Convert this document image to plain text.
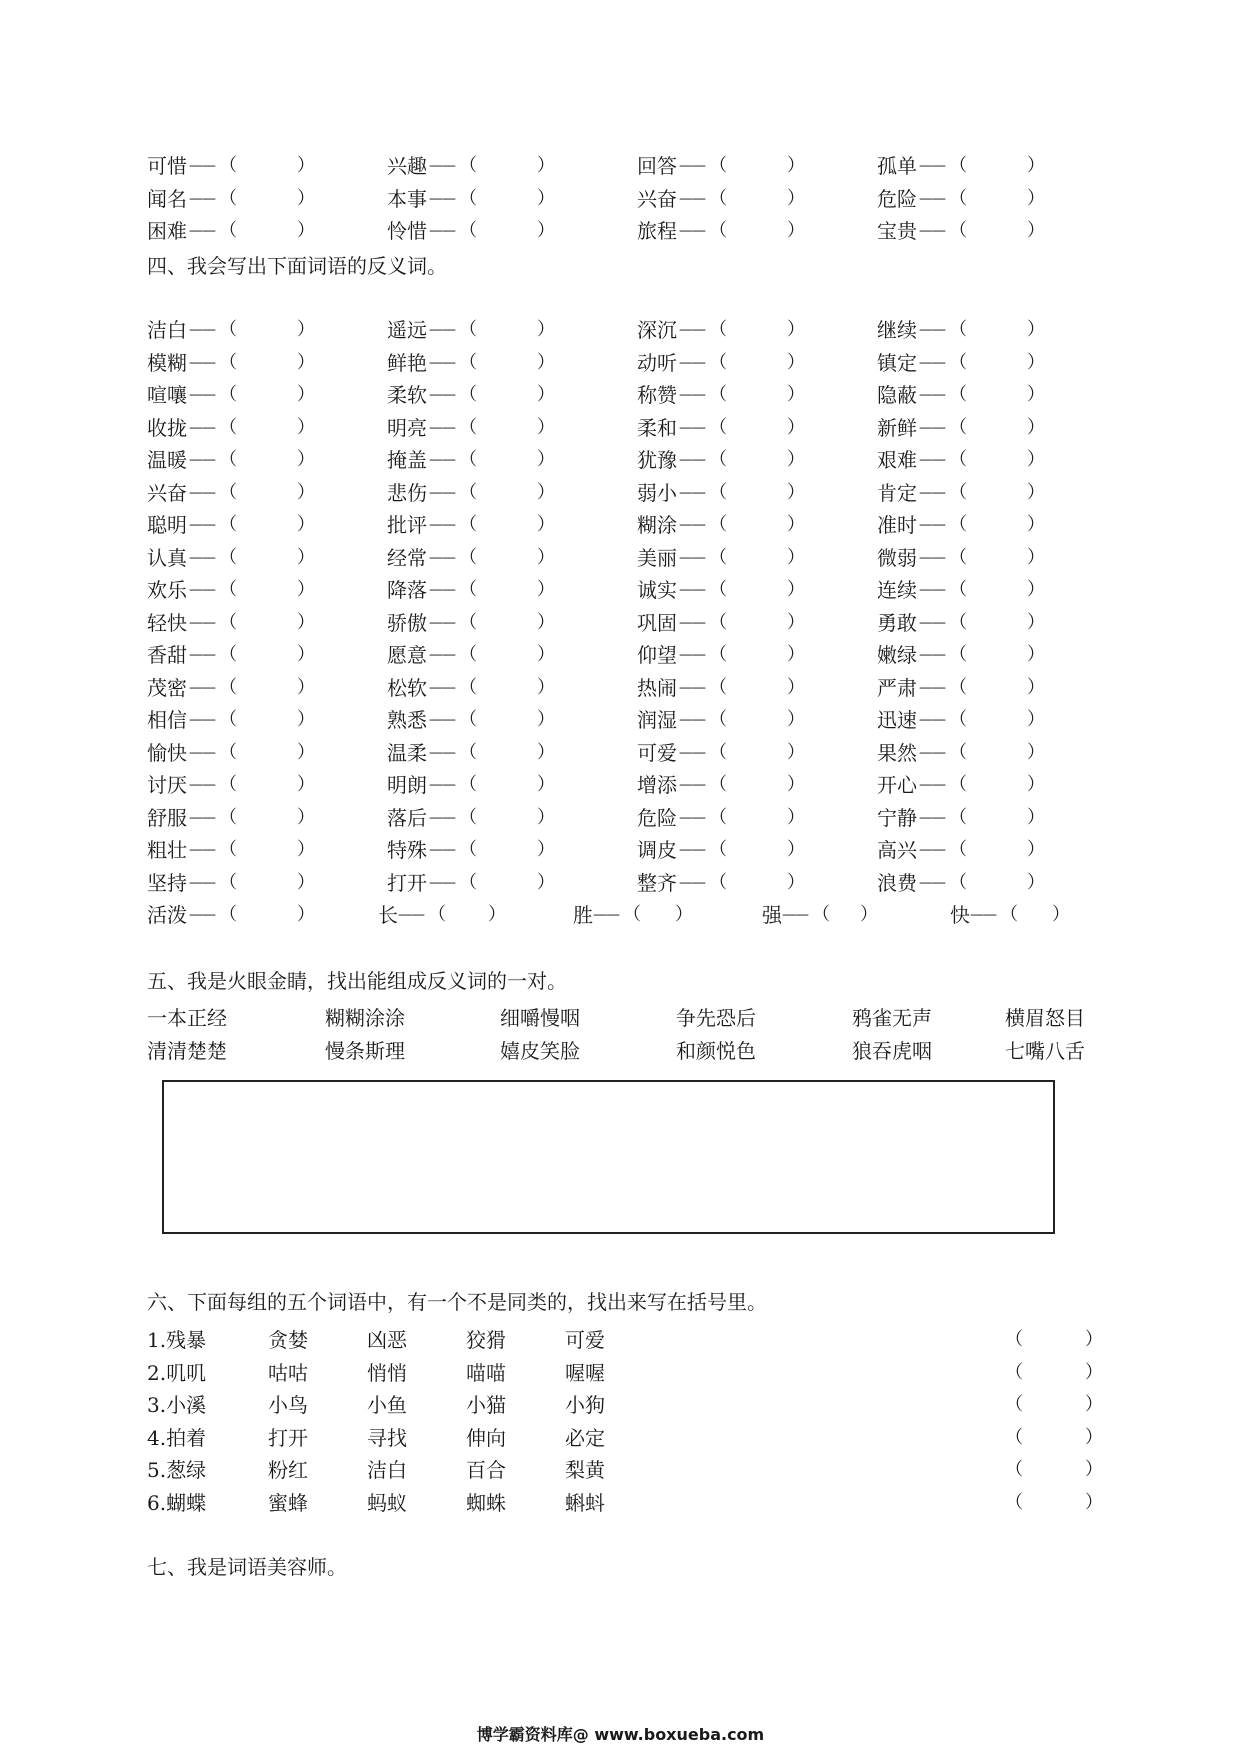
可惜 —— （	）	兴趣 —— （	）	回答 —— （	）	孤单 —— （	）
闻名 —— （	）	本事 —— （	）	兴奋 —— （	）	危险 —— （	）
困难 —— （	）	怜惜 —— （	）	旅程 —— （	）	宝贵 —— （	）
四、我会写出下面词语的反义词。
洁白 —— （	）	遥远 —— （	）	深沉 —— （	）	继续 —— （	）
模糊 —— （	）	鲜艳 —— （	）	动听 —— （	）	镇定 —— （	）
喧嚷 —— （	）	柔软 —— （	）	称赞 —— （	）	隐蔽 —— （	）
收拢 —— （	）	明亮 —— （	）	柔和 —— （	）	新鲜 —— （	）
温暖 —— （	）	掩盖 —— （	）	犹豫 —— （	）	艰难 —— （	）
兴奋 —— （	）	悲伤 —— （	）	弱小 —— （	）	肯定 —— （	）
聪明 —— （	）	批评 —— （	）	糊涂 —— （	）	准时 —— （	）
认真 —— （	）	经常 —— （	）	美丽 —— （	）	微弱 —— （	）
欢乐 —— （	）	降落 —— （	）	诚实 —— （	）	连续 —— （	）
轻快 —— （	）	骄傲 —— （	）	巩固 —— （	）	勇敢 —— （	）
香甜 —— （	）	愿意 —— （	）	仰望 —— （	）	嫩绿 —— （	）
茂密 —— （	）	松软 —— （	）	热闹 —— （	）	严肃 —— （	）
相信 —— （	）	熟悉 —— （	）	润湿 —— （	）	迅速 —— （	）
愉快 —— （	）	温柔 —— （	）	可爱 —— （	）	果然 —— （	）
讨厌 —— （	）	明朗 —— （	）	增添 —— （	）	开心 —— （	）
舒服 —— （	）	落后 —— （	）	危险 —— （	）	宁静 —— （	）
粗壮 —— （	）	特殊 —— （	）	调皮 —— （	）	高兴 —— （	）
坚持 —— （	）	打开 —— （	）	整齐 —— （	）	浪费 —— （	）
活泼 —— （	）	长 —— （ ）	胜 —— （ ）	强 —— （ ）	快 —— （ ）
五、我是火眼金睛，找出能组成反义词的一对。
一本正经	糊糊涂涂	细嚼慢咽	争先恐后	鸦雀无声	横眉怒目
清清楚楚	慢条斯理	嬉皮笑脸	和颜悦色	狼吞虎咽	七嘴八舌
六、下面每组的五个词语中，有一个不是同类的，找出来写在括号里。
1.残暴	贪婪	凶恶	狡猾	可爱	（	）
2.叽叽	咕咕	悄悄	喵喵	喔喔	（	）
3.小溪	小鸟	小鱼	小猫	小狗	（	）
4.拍着	打开	寻找	伸向	必定	（	）
5.葱绿	粉红	洁白	百合	梨黄	（	）
6.蝴蝶	蜜蜂	蚂蚁	蜘蛛	蝌蚪	（	）
七、我是词语美容师。
博学霸资料库@ www.boxueba.com
